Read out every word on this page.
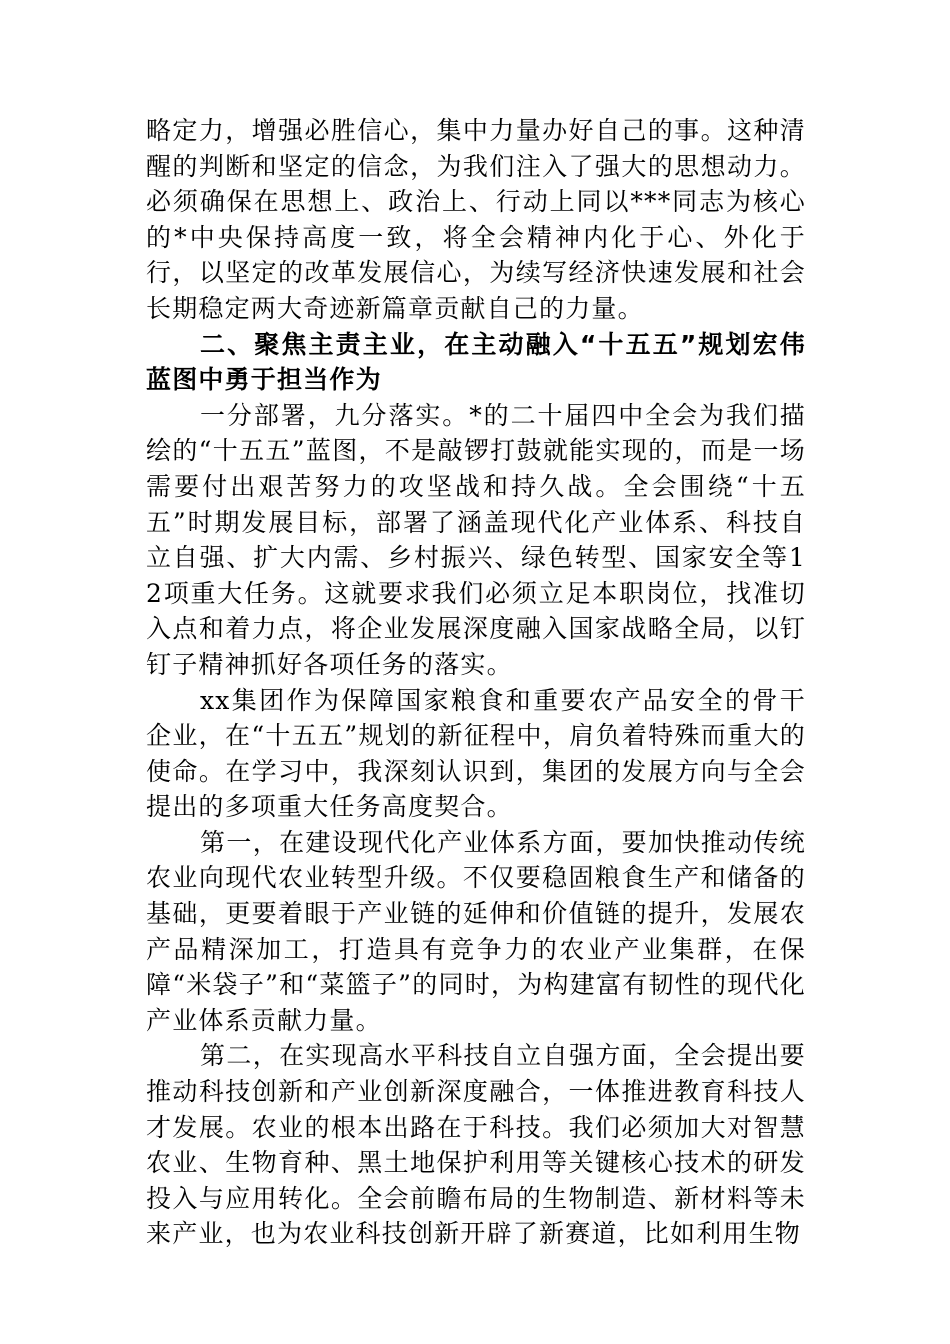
略定力，增强必胜信心，集中力量办好自己的事。这种清醒的判断和坚定的信念，为我们注入了强大的思想动力。必须确保在思想上、政治上、行动上同以***同志为核心的*中央保持高度一致，将全会精神内化于心、外化于行，以坚定的改革发展信心，为续写经济快速发展和社会长期稳定两大奇迹新篇章贡献自己的力量。

二、聚焦主责主业，在主动融入“十五五”规划宏伟蓝图中勇于担当作为

一分部署，九分落实。*的二十届四中全会为我们描绘的“十五五”蓝图，不是敲锣打鼓就能实现的，而是一场需要付出艰苦努力的攻坚战和持久战。全会围绕“十五五”时期发展目标，部署了涵盖现代化产业体系、科技自立自强、扩大内需、乡村振兴、绿色转型、国家安全等12项重大任务。这就要求我们必须立足本职岗位，找准切入点和着力点，将企业发展深度融入国家战略全局，以钉钉子精神抓好各项任务的落实。

xx集团作为保障国家粮食和重要农产品安全的骨干企业，在“十五五”规划的新征程中，肩负着特殊而重大的使命。在学习中，我深刻认识到，集团的发展方向与全会提出的多项重大任务高度契合。

第一，在建设现代化产业体系方面，要加快推动传统农业向现代农业转型升级。不仅要稳固粮食生产和储备的基础，更要着眼于产业链的延伸和价值链的提升，发展农产品精深加工，打造具有竞争力的农业产业集群，在保障“米袋子”和“菜篮子”的同时，为构建富有韧性的现代化产业体系贡献力量。

第二，在实现高水平科技自立自强方面，全会提出要推动科技创新和产业创新深度融合，一体推进教育科技人才发展。农业的根本出路在于科技。我们必须加大对智慧农业、生物育种、黑土地保护利用等关键核心技术的研发投入与应用转化。全会前瞻布局的生物制造、新材料等未来产业，也为农业科技创新开辟了新赛道，比如利用生物
